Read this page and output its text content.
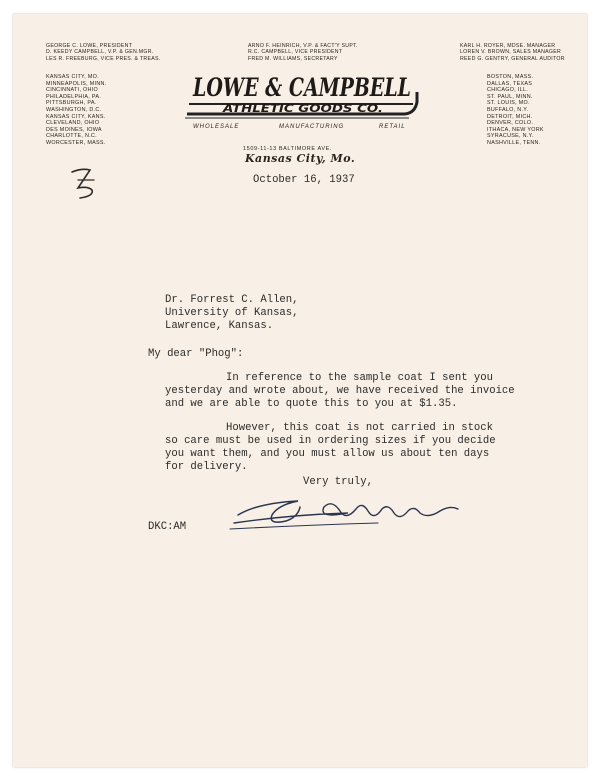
GEORGE C. LOWE, PRESIDENT
D. KEEDY CAMPBELL, V.P. & GEN.MGR.
LES R. FREEBURG, VICE PRES. & TREAS.
ARNO F. HEINRICH, V.P. & FACT'Y SUPT.
R.C. CAMPBELL, VICE PRESIDENT
FRED M. WILLIAMS, SECRETARY
KARL H. ROYER, MDSE. MANAGER
LOREN V. BROWN, SALES MANAGER
REED G. GENTRY, GENERAL AUDITOR
KANSAS CITY, MO.
MINNEAPOLIS, MINN.
CINCINNATI, OHIO
PHILADELPHIA, PA.
PITTSBURGH, PA.
WASHINGTON, D.C.
KANSAS CITY, KANS.
CLEVELAND, OHIO
DES MOINES, IOWA
CHARLOTTE, N.C.
WORCESTER, MASS.
BOSTON, MASS.
DALLAS, TEXAS
CHICAGO, ILL.
ST. PAUL, MINN.
ST. LOUIS, MO.
BUFFALO, N.Y.
DETROIT, MICH.
DENVER, COLO.
ITHACA, NEW YORK
SYRACUSE, N.Y.
NASHVILLE, TENN.
LOWE & CAMPBELL
ATHLETIC GOODS CO.
WHOLESALE	MANUFACTURING	RETAIL
1509-11-13 BALTIMORE AVE.
Kansas City, Mo.
October 16, 1937
Dr. Forrest C. Allen,
University of Kansas,
Lawrence, Kansas.
My dear "Phog":
In reference to the sample coat I sent you
yesterday and wrote about, we have received the invoice
and we are able to quote this to you at $1.35.
However, this coat is not carried in stock
so care must be used in ordering sizes if you decide
you want them, and you must allow us about ten days
for delivery.
Very truly,
DKC:AM
